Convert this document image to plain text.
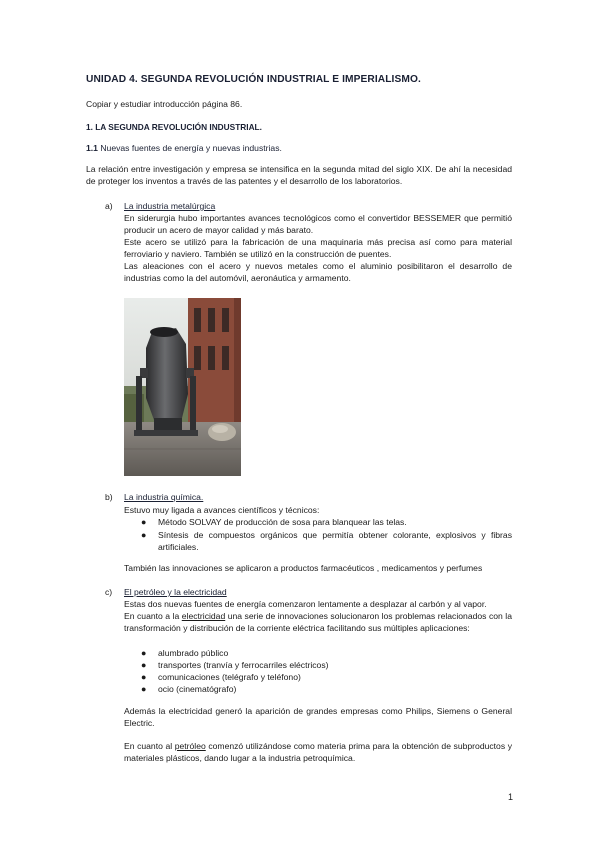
UNIDAD 4. SEGUNDA REVOLUCIÓN INDUSTRIAL E IMPERIALISMO.
Copiar y estudiar introducción página 86.
1. LA SEGUNDA REVOLUCIÓN INDUSTRIAL.
1.1 Nuevas fuentes de energía y nuevas industrias.
La relación entre investigación y empresa se intensifica en la segunda mitad del siglo XIX. De ahí la necesidad de proteger los inventos a través de las patentes y el desarrollo de los laboratorios.
a) La industria metalúrgica
En siderurgia hubo importantes avances tecnológicos como el convertidor BESSEMER que permitió producir un acero de mayor calidad y más barato.
Este acero se utilizó para la fabricación de una maquinaria más precisa así como para material ferroviario y naviero. También se utilizó en la construcción de puentes.
Las aleaciones con el acero y nuevos metales como el aluminio posibilitaron el desarrollo de industrias como la del automóvil, aeronáutica y armamento.
b) La industria química.
Estuvo muy ligada a avances científicos y técnicos:
● Método SOLVAY de producción de sosa para blanquear las telas.
● Síntesis de compuestos orgánicos que permitía obtener colorante, explosivos y fibras artificiales.
También las innovaciones se aplicaron a productos farmacéuticos , medicamentos y perfumes
c) El petróleo y la electricidad
Estas dos nuevas fuentes de energía comenzaron lentamente a desplazar al carbón y al vapor.
En cuanto a la electricidad una serie de innovaciones solucionaron los problemas relacionados con la transformación y distribución de la corriente eléctrica facilitando sus múltiples aplicaciones:
● alumbrado público
● transportes (tranvía y ferrocarriles eléctricos)
● comunicaciones (telégrafo y teléfono)
● ocio (cinematógrafo)
Además la electricidad generó la aparición de grandes empresas como Philips, Siemens o General Electric.
En cuanto al petróleo comenzó utilizándose como materia prima para la obtención de subproductos y materiales plásticos, dando lugar a la industria petroquímica.
1
